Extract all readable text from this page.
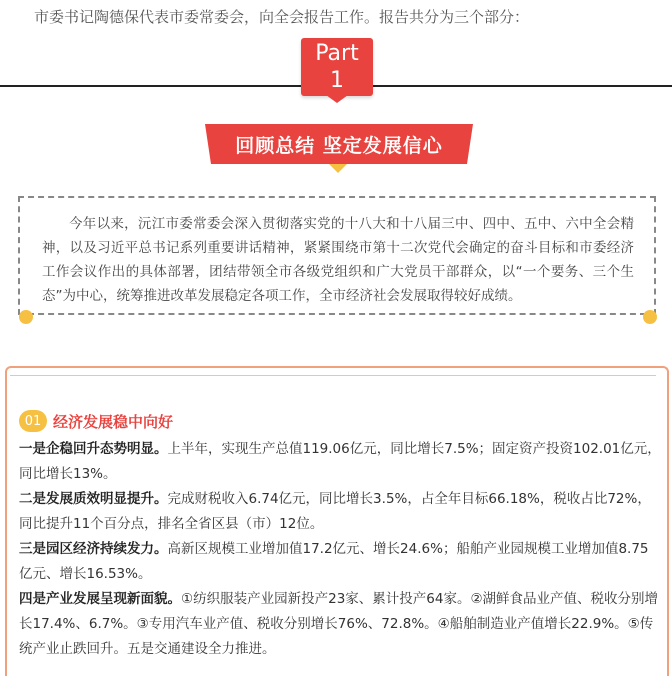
市委书记陶德保代表市委常委会，向全会报告工作。报告共分为三个部分：
Part
1
回顾总结 坚定发展信心
今年以来，沅江市委常委会深入贯彻落实党的十八大和十八届三中、四中、五中、六中全会精神，以及习近平总书记系列重要讲话精神，紧紧围绕市第十二次党代会确定的奋斗目标和市委经济工作会议作出的具体部署，团结带领全市各级党组织和广大党员干部群众，以“一个要务、三个生态”为中心，统筹推进改革发展稳定各项工作，全市经济社会发展取得较好成绩。
01 经济发展稳中向好

一是企稳回升态势明显。上半年，实现生产总值119.06亿元，同比增长7.5%；固定资产投资102.01亿元，同比增长13%。

二是发展质效明显提升。完成财税收入6.74亿元，同比增长3.5%，占全年目标66.18%，税收占比72%，同比提升11个百分点，排名全省区县（市）12位。

三是园区经济持续发力。高新区规模工业增加值17.2亿元、增长24.6%；船舶产业园规模工业增加值8.75亿元、增长16.53%。

四是产业发展呈现新面貌。①纺织服装产业园新投产23家、累计投产64家。②湖鲜食品业产值、税收分别增长17.4%、6.7%。③专用汽车业产值、税收分别增长76%、72.8%。④船舶制造业产值增长22.9%。⑤传统产业止跌回升。五是交通建设全力推进。
